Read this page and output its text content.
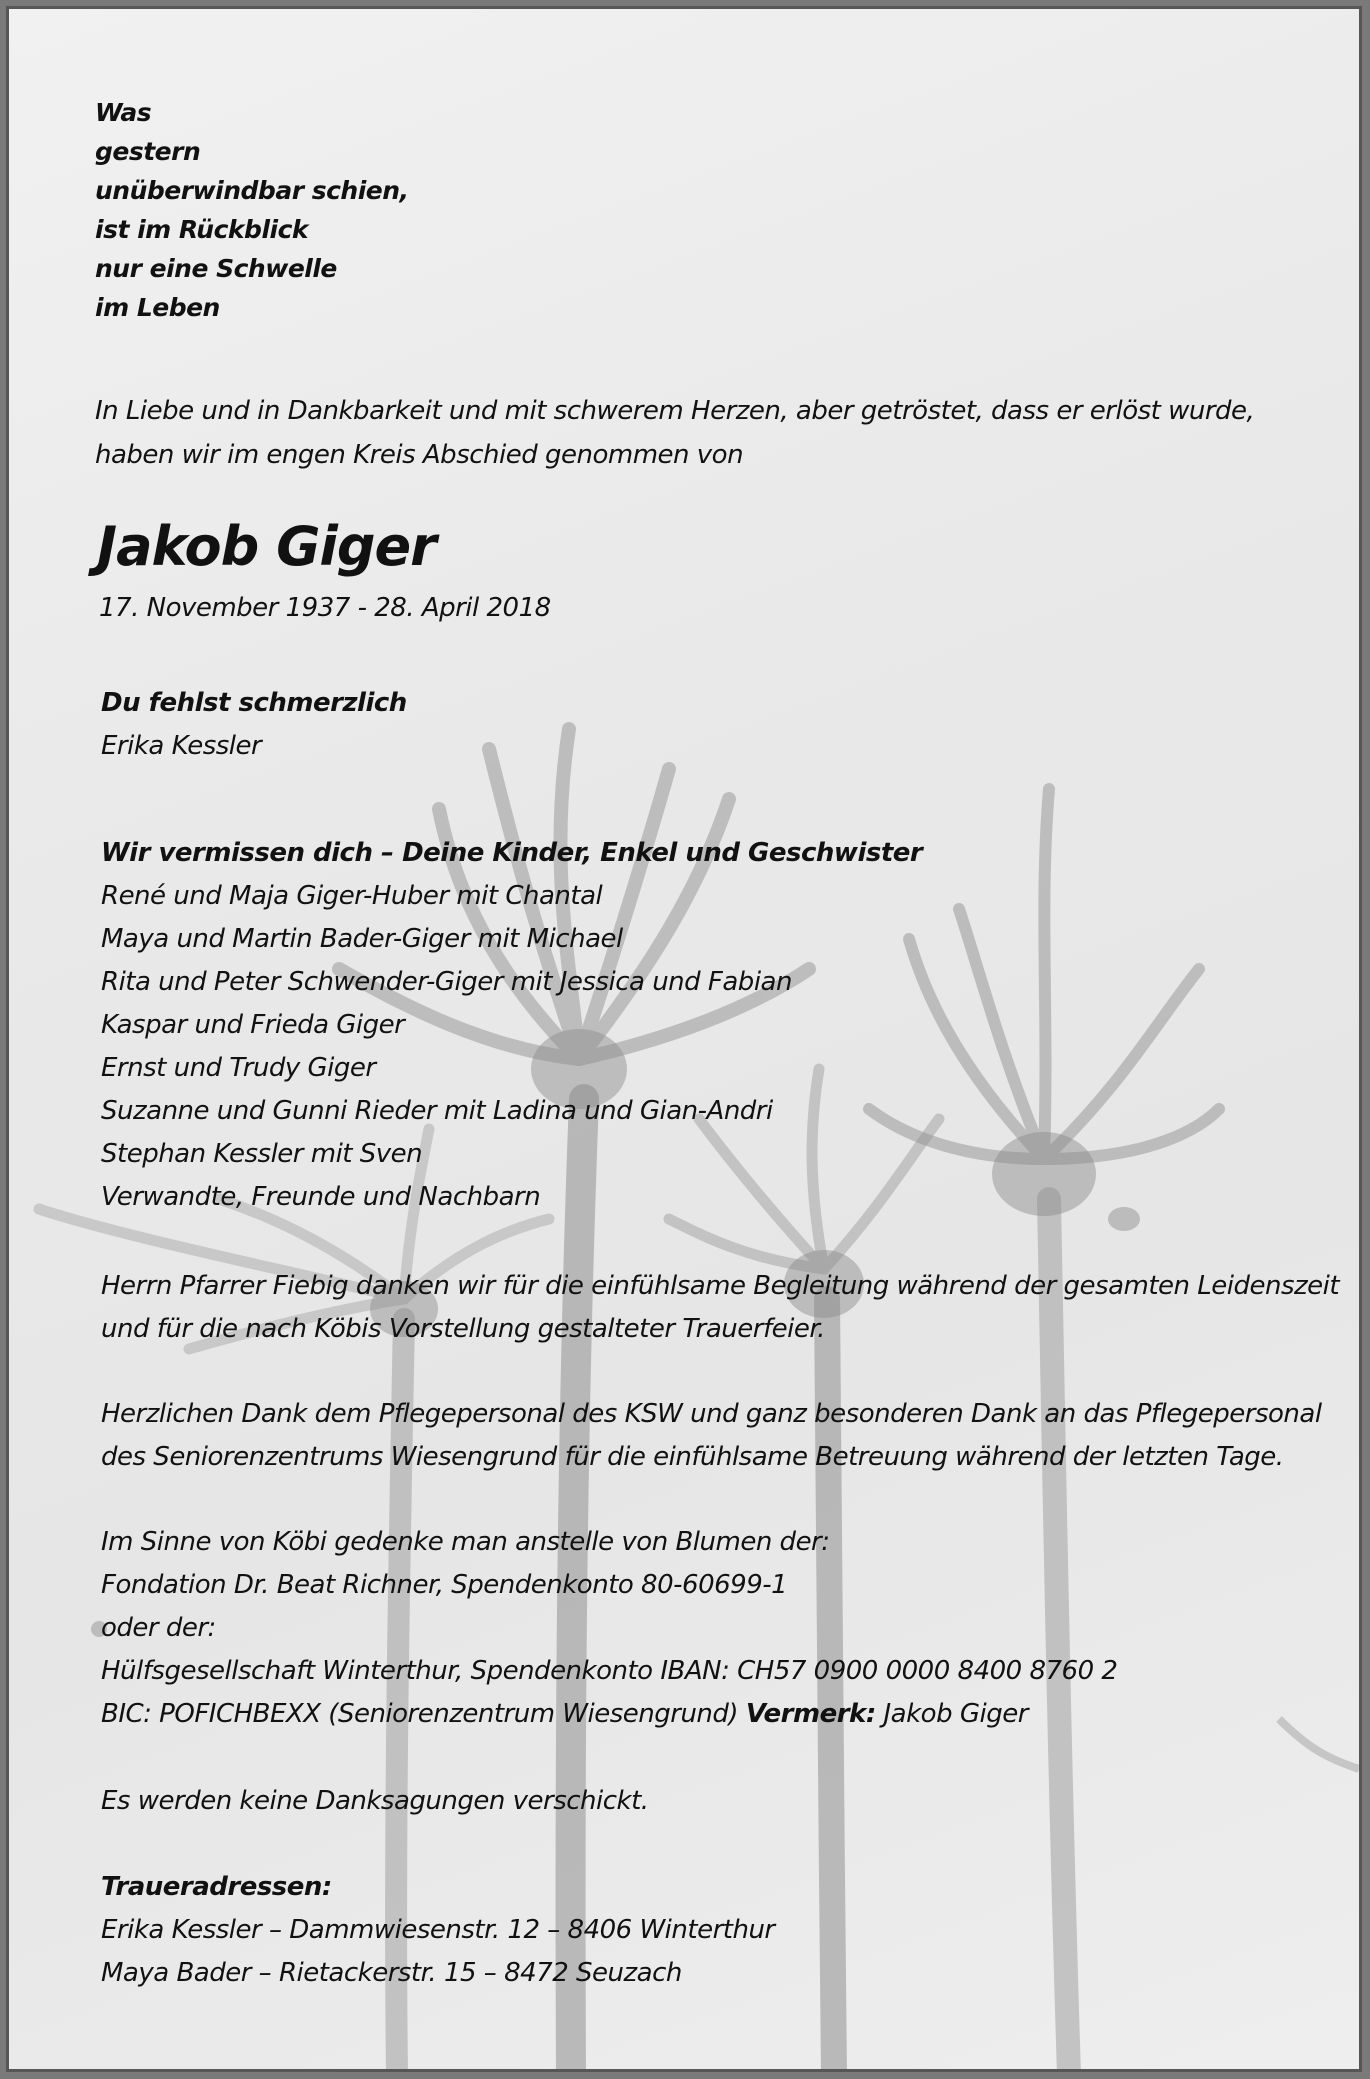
Was
gestern
unüberwindbar schien,
ist im Rückblick
nur eine Schwelle
im Leben
In Liebe und in Dankbarkeit und mit schwerem Herzen, aber getröstet, dass er erlöst wurde,
haben wir im engen Kreis Abschied genommen von
Jakob Giger
17. November 1937 - 28. April 2018
Du fehlst schmerzlich
Erika Kessler
Wir vermissen dich – Deine Kinder, Enkel und Geschwister
René und Maja Giger-Huber mit Chantal
Maya und Martin Bader-Giger mit Michael
Rita und Peter Schwender-Giger mit Jessica und Fabian
Kaspar und Frieda Giger
Ernst und Trudy Giger
Suzanne und Gunni Rieder mit Ladina und Gian-Andri
Stephan Kessler mit Sven
Verwandte, Freunde und Nachbarn
Herrn Pfarrer Fiebig danken wir für die einfühlsame Begleitung während der gesamten Leidenszeit
und für die nach Köbis Vorstellung gestalteter Trauerfeier.
Herzlichen Dank dem Pflegepersonal des KSW und ganz besonderen Dank an das Pflegepersonal
des Seniorenzentrums Wiesengrund für die einfühlsame Betreuung während der letzten Tage.
Im Sinne von Köbi gedenke man anstelle von Blumen der:
Fondation Dr. Beat Richner, Spendenkonto 80-60699-1
oder der:
Hülfsgesellschaft Winterthur, Spendenkonto IBAN: CH57 0900 0000 8400 8760 2
BIC: POFICHBEXX (Seniorenzentrum Wiesengrund) Vermerk: Jakob Giger
Es werden keine Danksagungen verschickt.
Traueradressen:
Erika Kessler – Dammwiesenstr. 12 – 8406 Winterthur
Maya Bader – Rietackerstr. 15 – 8472 Seuzach
